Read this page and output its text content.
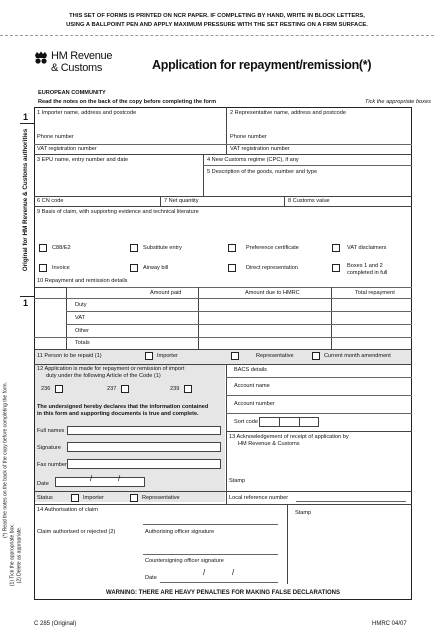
THIS SET OF FORMS IS PRINTED ON NCR PAPER. IF COMPLETING BY HAND, WRITE IN BLOCK LETTERS,
USING A BALLPOINT PEN AND APPLY MAXIMUM PRESSURE WITH THE SET RESTING ON A FIRM SURFACE.
HM Revenue
& Customs	Application for repayment/remission(*)
EUROPEAN COMMUNITY
Read the notes on the back of the copy before completing the form	Tick the appropriate boxes
1
1
Original for HM Revenue & Customs authorities
(*) Read the notes on the back of the copy before completing the form.
(1) Tick the appropriate box. (2) Delete as appropriate.
1 Importer name, address and postcode	2 Representative name, address and postcode
Phone number
VAT registration number
Phone number
VAT registration number
3 EPU name, entry number and date	4 New Customs regime (CPC), if any
5 Description of the goods, number and type
6 CN code	7 Net quantity	8 Customs value
9 Basis of claim, with supporting evidence and technical literature
C88/E2	Substitute entry	Preference certificate	VAT disclaimers
Invoice	Airway bill	Direct representation	Boxes 1 and 2
completed in full
10 Repayment and remission details
Amount paid	Amount due to HMRC	Total repayment
Duty
VAT
Other
Totals
11 Person to be repaid (1)	Importer	Representative	Current month amendment
12 Application is made for repayment or remission of import
duty under the following Article of the Code (1)
236	237	239
The undersigned hereby declares that the information contained
in this form and supporting documents is true and complete.
Full names
Signature
Fax number
Date
/	/
Status	Importer	Representative
BACS details
Account name
Account number
Sort code
13 Acknowledgement of receipt of application by
HM Revenue & Customs
Stamp
Local reference number
14 Authorisation of claim	Stamp
Claim authorised or rejected (2)	Authorising officer signature
Countersigning officer signature
Date
/	/
WARNING: THERE ARE HEAVY PENALTIES FOR MAKING FALSE DECLARATIONS
C 285 (Original)	HMRC 04/07
